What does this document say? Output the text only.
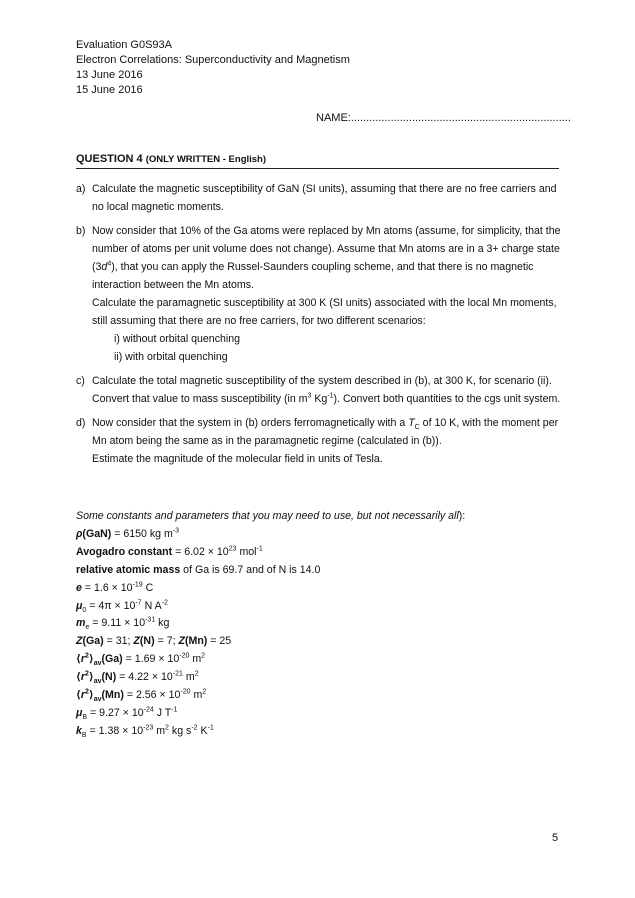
Evaluation G0S93A
Electron Correlations: Superconductivity and Magnetism
13 June 2016
15 June 2016
NAME:........................................................................
QUESTION 4 (ONLY WRITTEN - English)
a) Calculate the magnetic susceptibility of GaN (SI units), assuming that there are no free carriers and no local magnetic moments.

b) Now consider that 10% of the Ga atoms were replaced by Mn atoms (assume, for simplicity, that the number of atoms per unit volume does not change). Assume that Mn atoms are in a 3+ charge state $(3d^4)$, that you can apply the Russel-Saunders coupling scheme, and that there is no magnetic interaction between the Mn atoms.

Calculate the paramagnetic susceptibility at 300 K (SI units) associated with the local Mn moments, still assuming that there are no free carriers, for two different scenarios:

i) without orbital quenching

ii) with orbital quenching

c) Calculate the total magnetic susceptibility of the system described in (b), at 300 K, for scenario (ii). Convert that value to mass susceptibility (in $m^3$ $Kg^{-1}$). Convert both quantities to the cgs unit system.

d) Now consider that the system in (b) orders ferromagnetically with a $T_C$ of 10 K, with the moment per Mn atom being the same as in the paramagnetic regime (calculated in (b)).

Estimate the magnitude of the molecular field in units of Tesla.

Some constants and parameters that you may need to use, but not necessarily all):
ρ(GaN) = 6150 kg $m^{-3}$
Avogadro constant = $6.02 \times 10^{23}$ mol$^{-1}$
relative atomic mass of Ga is 69.7 and of N is 14.0
$e = 1.6 \times 10^{-19}$ C
$\mu_0 = 4\pi \times 10^{-7}$ N $A^{-2}$
$m_e = 9.11 \times 10^{-31}$ kg
Z(Ga) = 31; Z(N) = 7; Z(Mn) = 25
$⟨r^2⟩_{av}(Ga) = 1.69 \times 10^{-20}$ $m^2$
$⟨r^2⟩_{av}(N) = 4.22 \times 10^{-21}$ $m^2$
$⟨r^2⟩_{av}(Mn) = 2.56 \times 10^{-20}$ $m^2$
$\mu_B = 9.27 \times 10^{-24}$ J $T^{-1}$
$k_B = 1.38 \times 10^{-23}$ $m^2$ kg $s^{-2}$ $K^{-1}$
5
